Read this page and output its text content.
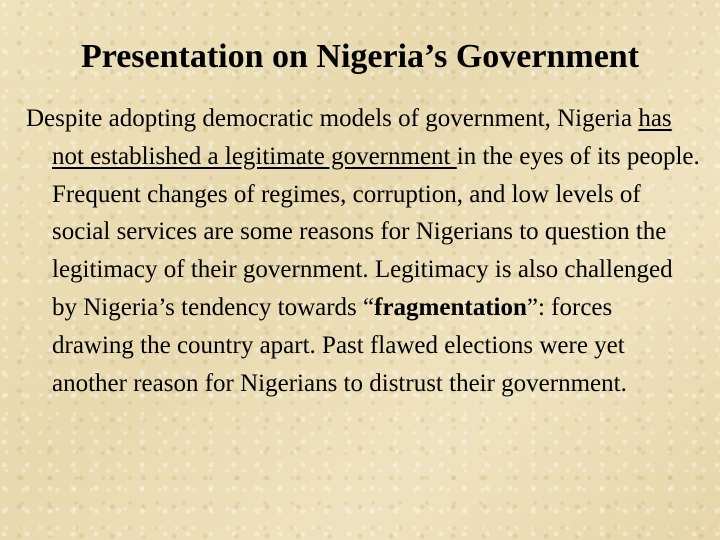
Presentation on Nigeria’s Government

Despite adopting democratic models of government, Nigeria has not established a legitimate government in the eyes of its people. Frequent changes of regimes, corruption, and low levels of social services are some reasons for Nigerians to question the legitimacy of their government. Legitimacy is also challenged by Nigeria’s tendency towards “fragmentation”: forces drawing the country apart. Past flawed elections were yet another reason for Nigerians to distrust their government.
